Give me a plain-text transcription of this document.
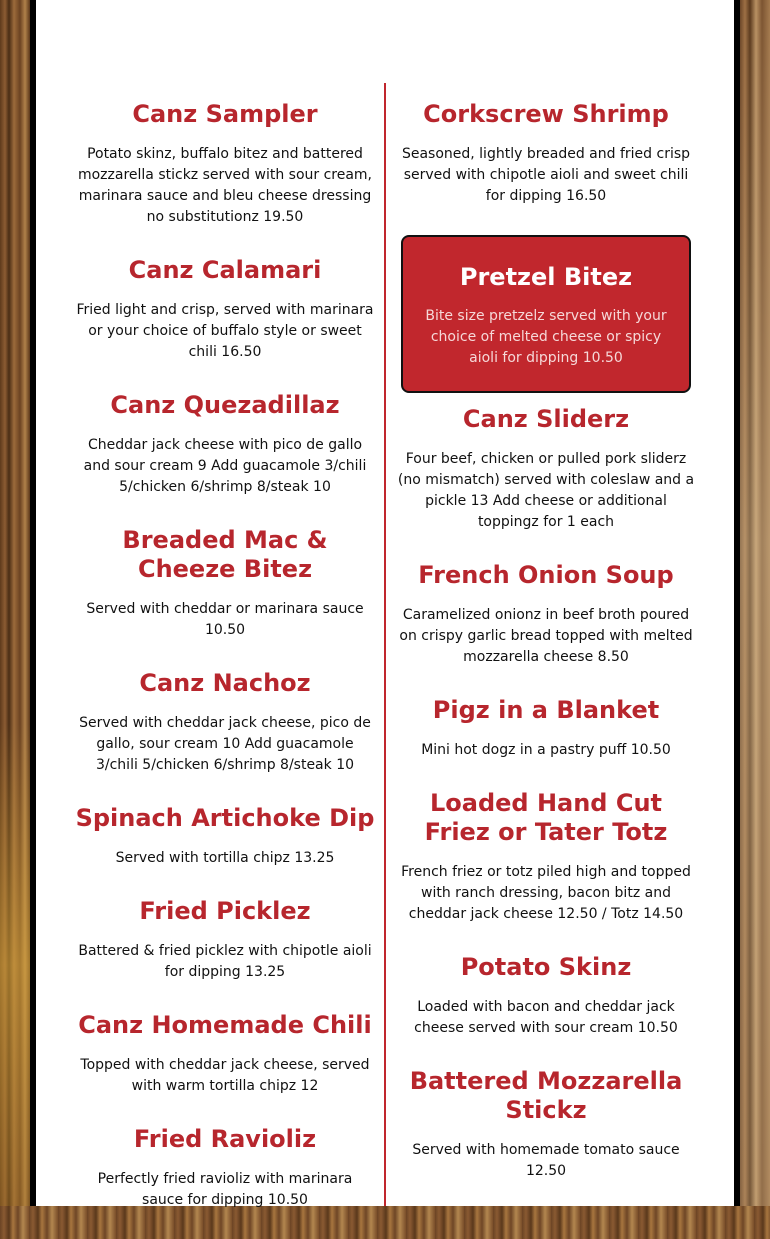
Canz Sampler

Potato skinz, buffalo bitez and battered mozzarella stickz served with sour cream, marinara sauce and bleu cheese dressing no substitutionz 19.50

Canz Calamari

Fried light and crisp, served with marinara or your choice of buffalo style or sweet chili 16.50

Canz Quezadillaz

Cheddar jack cheese with pico de gallo and sour cream 9 Add guacamole 3/chili 5/chicken 6/shrimp 8/steak 10

Breaded Mac & Cheeze Bitez

Served with cheddar or marinara sauce 10.50

Canz Nachoz

Served with cheddar jack cheese, pico de gallo, sour cream 10 Add guacamole 3/chili 5/chicken 6/shrimp 8/steak 10

Spinach Artichoke Dip

Served with tortilla chipz 13.25

Fried Picklez

Battered & fried picklez with chipotle aioli for dipping 13.25

Canz Homemade Chili

Topped with cheddar jack cheese, served with warm tortilla chipz 12

Fried Ravioliz

Perfectly fried ravioliz with marinara sauce for dipping 10.50

Corkscrew Shrimp

Seasoned, lightly breaded and fried crisp served with chipotle aioli and sweet chili for dipping 16.50

Pretzel Bitez

Bite size pretzelz served with your choice of melted cheese or spicy aioli for dipping 10.50

Canz Sliderz

Four beef, chicken or pulled pork sliderz (no mismatch) served with coleslaw and a pickle 13 Add cheese or additional toppingz for 1 each

French Onion Soup

Caramelized onionz in beef broth poured on crispy garlic bread topped with melted mozzarella cheese 8.50

Pigz in a Blanket

Mini hot dogz in a pastry puff 10.50

Loaded Hand Cut Friez or Tater Totz

French friez or totz piled high and topped with ranch dressing, bacon bitz and cheddar jack cheese 12.50 / Totz 14.50

Potato Skinz

Loaded with bacon and cheddar jack cheese served with sour cream 10.50

Battered Mozzarella Stickz

Served with homemade tomato sauce 12.50
